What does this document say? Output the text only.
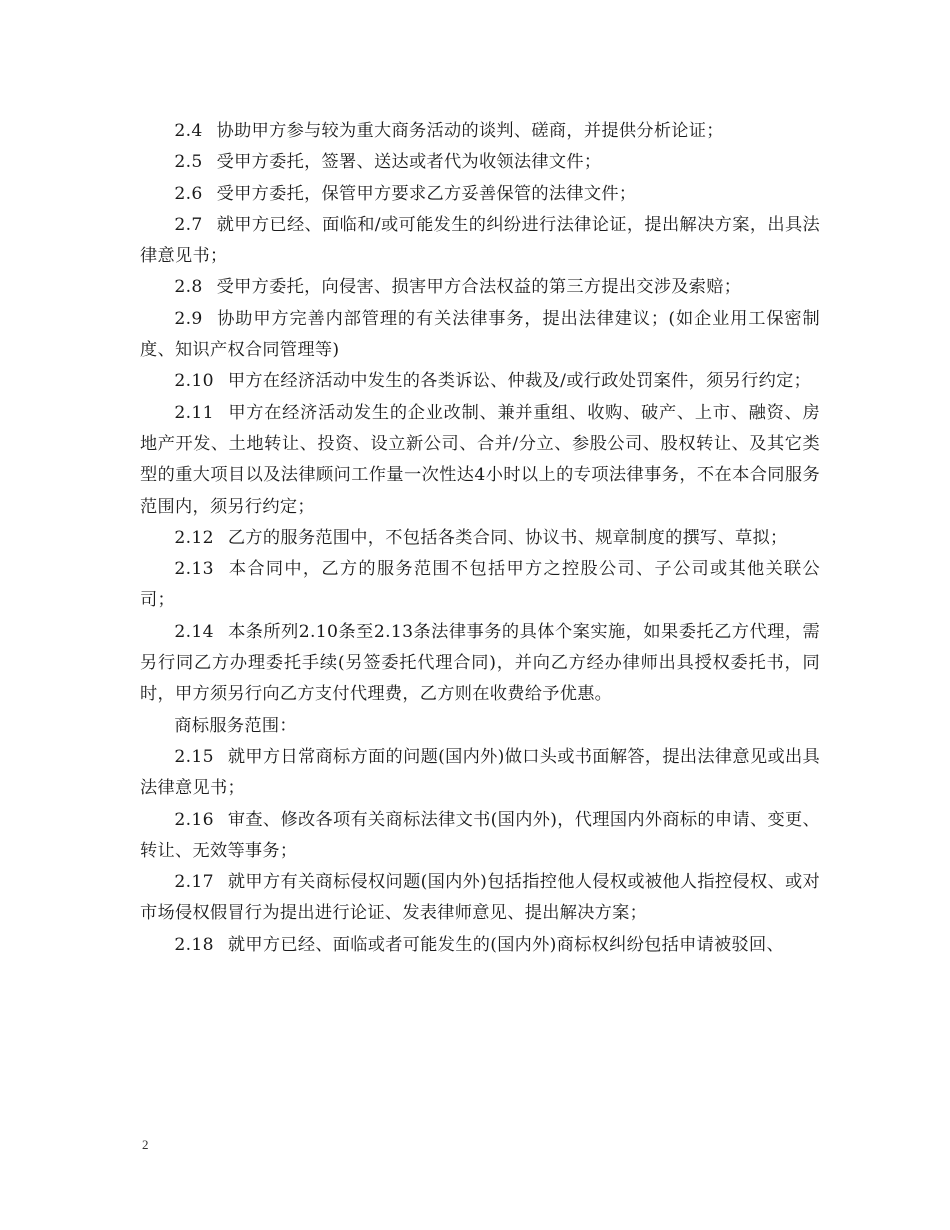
2.4 协助甲方参与较为重大商务活动的谈判、磋商，并提供分析论证；

2.5 受甲方委托，签署、送达或者代为收领法律文件；

2.6 受甲方委托，保管甲方要求乙方妥善保管的法律文件；

2.7 就甲方已经、面临和/或可能发生的纠纷进行法律论证，提出解决方案，出具法律意见书；

2.8 受甲方委托，向侵害、损害甲方合法权益的第三方提出交涉及索赔；

2.9 协助甲方完善内部管理的有关法律事务，提出法律建议；(如企业用工保密制度、知识产权合同管理等)

2.10 甲方在经济活动中发生的各类诉讼、仲裁及/或行政处罚案件，须另行约定；

2.11 甲方在经济活动发生的企业改制、兼并重组、收购、破产、上市、融资、房地产开发、土地转让、投资、设立新公司、合并/分立、参股公司、股权转让、及其它类型的重大项目以及法律顾问工作量一次性达4小时以上的专项法律事务，不在本合同服务范围内，须另行约定；

2.12 乙方的服务范围中，不包括各类合同、协议书、规章制度的撰写、草拟；

2.13 本合同中，乙方的服务范围不包括甲方之控股公司、子公司或其他关联公司；

2.14 本条所列2.10条至2.13条法律事务的具体个案实施，如果委托乙方代理，需另行同乙方办理委托手续(另签委托代理合同)，并向乙方经办律师出具授权委托书，同时，甲方须另行向乙方支付代理费，乙方则在收费给予优惠。

商标服务范围：

2.15 就甲方日常商标方面的问题(国内外)做口头或书面解答，提出法律意见或出具法律意见书；

2.16 审查、修改各项有关商标法律文书(国内外)，代理国内外商标的申请、变更、转让、无效等事务；

2.17 就甲方有关商标侵权问题(国内外)包括指控他人侵权或被他人指控侵权、或对市场侵权假冒行为提出进行论证、发表律师意见、提出解决方案；

2.18 就甲方已经、面临或者可能发生的(国内外)商标权纠纷包括申请被驳回、

2
